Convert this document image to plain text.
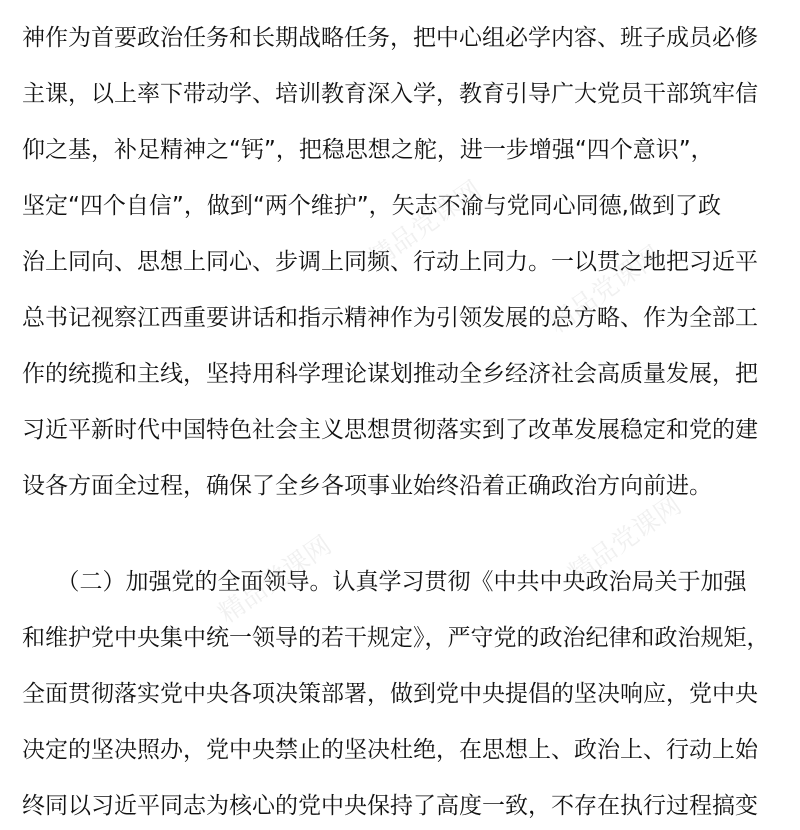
神作为首要政治任务和长期战略任务，把中心组必学内容、班子成员必修
主课，以上率下带动学、培训教育深入学，教育引导广大党员干部筑牢信
仰之基，补足精神之“钙”，把稳思想之舵，进一步增强“四个意识”，
坚定“四个自信”，做到“两个维护”，矢志不渝与党同心同德,做到了政
治上同向、思想上同心、步调上同频、行动上同力。一以贯之地把习近平
总书记视察江西重要讲话和指示精神作为引领发展的总方略、作为全部工
作的统揽和主线，坚持用科学理论谋划推动全乡经济社会高质量发展，把
习近平新时代中国特色社会主义思想贯彻落实到了改革发展稳定和党的建
设各方面全过程，确保了全乡各项事业始终沿着正确政治方向前进。
　　（二）加强党的全面领导。认真学习贯彻《中共中央政治局关于加强
和维护党中央集中统一领导的若干规定》，严守党的政治纪律和政治规矩，
全面贯彻落实党中央各项决策部署，做到党中央提倡的坚决响应，党中央
决定的坚决照办，党中央禁止的坚决杜绝，在思想上、政治上、行动上始
终同以习近平同志为核心的党中央保持了高度一致，不存在执行过程搞变
精品党课网
精品党课网
精品党课网	精品党课网
